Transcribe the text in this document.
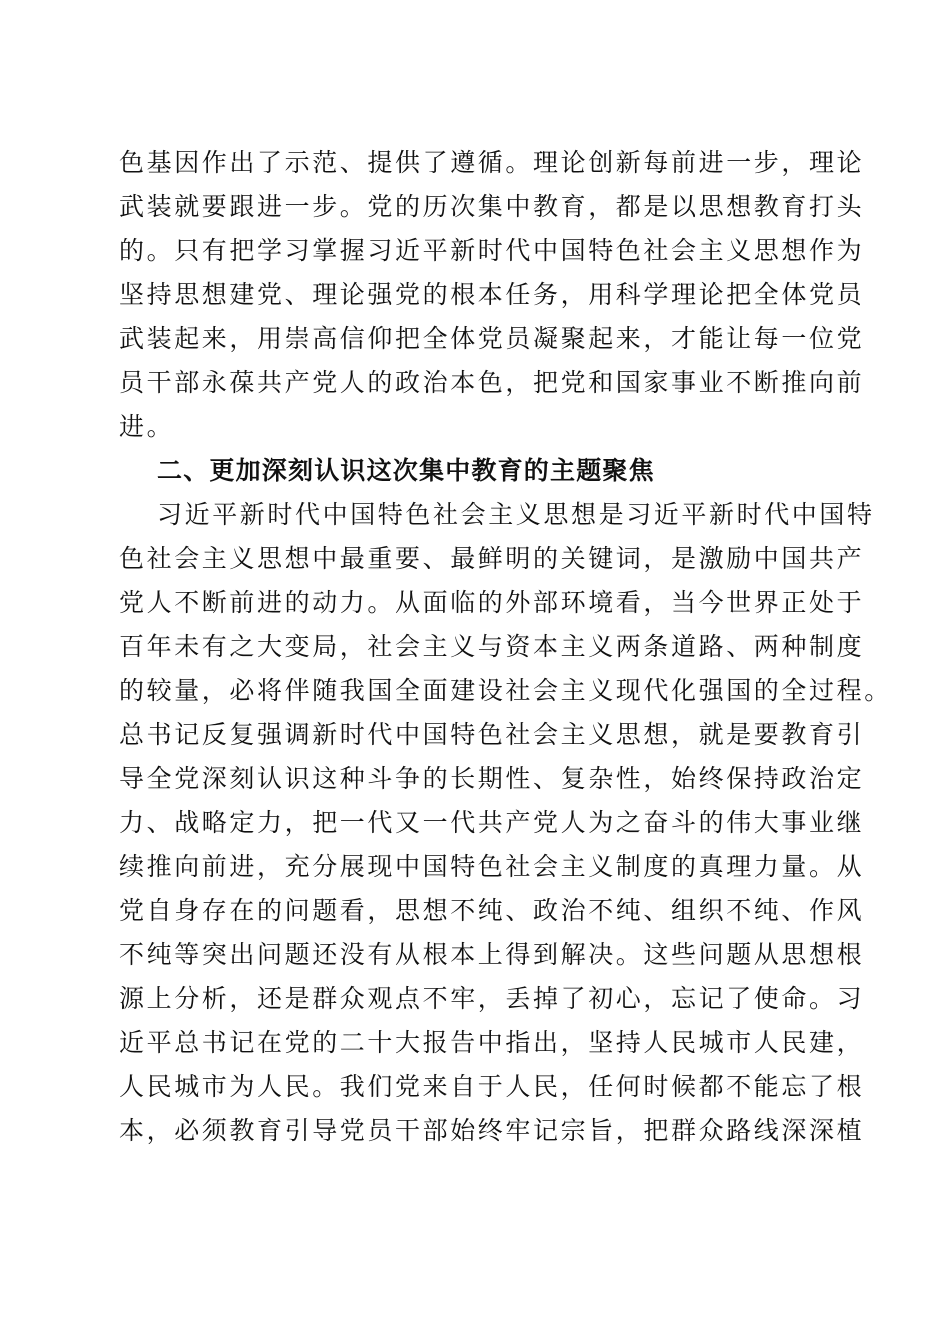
色基因作出了示范、提供了遵循。理论创新每前进一步，理论
武装就要跟进一步。党的历次集中教育，都是以思想教育打头
的。只有把学习掌握习近平新时代中国特色社会主义思想作为
坚持思想建党、理论强党的根本任务，用科学理论把全体党员
武装起来，用崇高信仰把全体党员凝聚起来，才能让每一位党
员干部永葆共产党人的政治本色，把党和国家事业不断推向前
进。
二、更加深刻认识这次集中教育的主题聚焦
习近平新时代中国特色社会主义思想是习近平新时代中国特
色社会主义思想中最重要、最鲜明的关键词，是激励中国共产
党人不断前进的动力。从面临的外部环境看，当今世界正处于
百年未有之大变局，社会主义与资本主义两条道路、两种制度
的较量，必将伴随我国全面建设社会主义现代化强国的全过程。
总书记反复强调新时代中国特色社会主义思想，就是要教育引
导全党深刻认识这种斗争的长期性、复杂性，始终保持政治定
力、战略定力，把一代又一代共产党人为之奋斗的伟大事业继
续推向前进，充分展现中国特色社会主义制度的真理力量。从
党自身存在的问题看，思想不纯、政治不纯、组织不纯、作风
不纯等突出问题还没有从根本上得到解决。这些问题从思想根
源上分析，还是群众观点不牢，丢掉了初心，忘记了使命。习
近平总书记在党的二十大报告中指出，坚持人民城市人民建，
人民城市为人民。我们党来自于人民，任何时候都不能忘了根
本，必须教育引导党员干部始终牢记宗旨，把群众路线深深植
